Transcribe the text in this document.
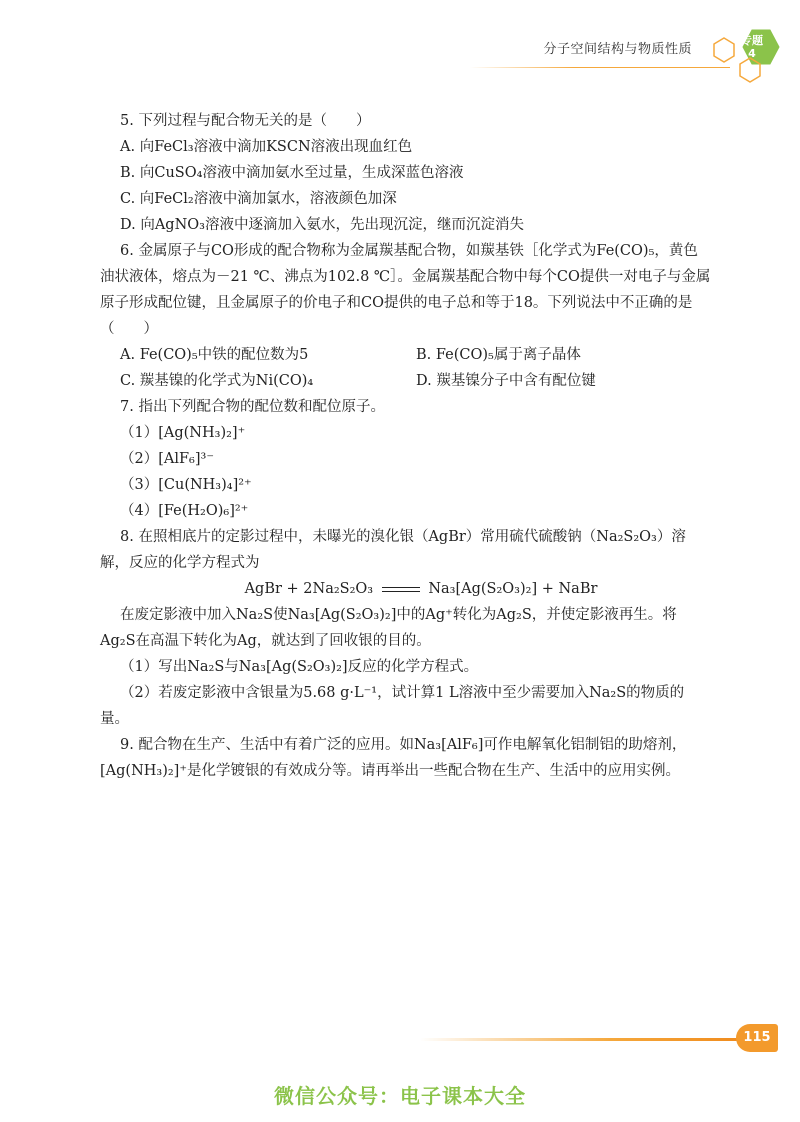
分子空间结构与物质性质
专题
4

5. 下列过程与配合物无关的是（　　）

A. 向FeCl₃溶液中滴加KSCN溶液出现血红色

B. 向CuSO₄溶液中滴加氨水至过量，生成深蓝色溶液

C. 向FeCl₂溶液中滴加氯水，溶液颜色加深

D. 向AgNO₃溶液中逐滴加入氨水，先出现沉淀，继而沉淀消失

6. 金属原子与CO形成的配合物称为金属羰基配合物，如羰基铁［化学式为Fe(CO)₅，黄色油状液体，熔点为－21 ℃、沸点为102.8 ℃］。金属羰基配合物中每个CO提供一对电子与金属原子形成配位键，且金属原子的价电子和CO提供的电子总和等于18。下列说法中不正确的是（　　）

A. Fe(CO)₅中铁的配位数为5	B. Fe(CO)₅属于离子晶体
C. 羰基镍的化学式为Ni(CO)₄	D. 羰基镍分子中含有配位键

7. 指出下列配合物的配位数和配位原子。

（1）[Ag(NH₃)₂]⁺

（2）[AlF₆]³⁻

（3）[Cu(NH₃)₄]²⁺

（4）[Fe(H₂O)₆]²⁺

8. 在照相底片的定影过程中，未曝光的溴化银（AgBr）常用硫代硫酸钠（Na₂S₂O₃）溶解，反应的化学方程式为

AgBr + 2Na₂S₂O₃	Na₃[Ag(S₂O₃)₂] + NaBr

在废定影液中加入Na₂S使Na₃[Ag(S₂O₃)₂]中的Ag⁺转化为Ag₂S，并使定影液再生。将Ag₂S在高温下转化为Ag，就达到了回收银的目的。

（1）写出Na₂S与Na₃[Ag(S₂O₃)₂]反应的化学方程式。

（2）若废定影液中含银量为5.68 g·L⁻¹，试计算1 L溶液中至少需要加入Na₂S的物质的量。

9. 配合物在生产、生活中有着广泛的应用。如Na₃[AlF₆]可作电解氧化铝制铝的助熔剂，[Ag(NH₃)₂]⁺是化学镀银的有效成分等。请再举出一些配合物在生产、生活中的应用实例。

115
微信公众号：电子课本大全
